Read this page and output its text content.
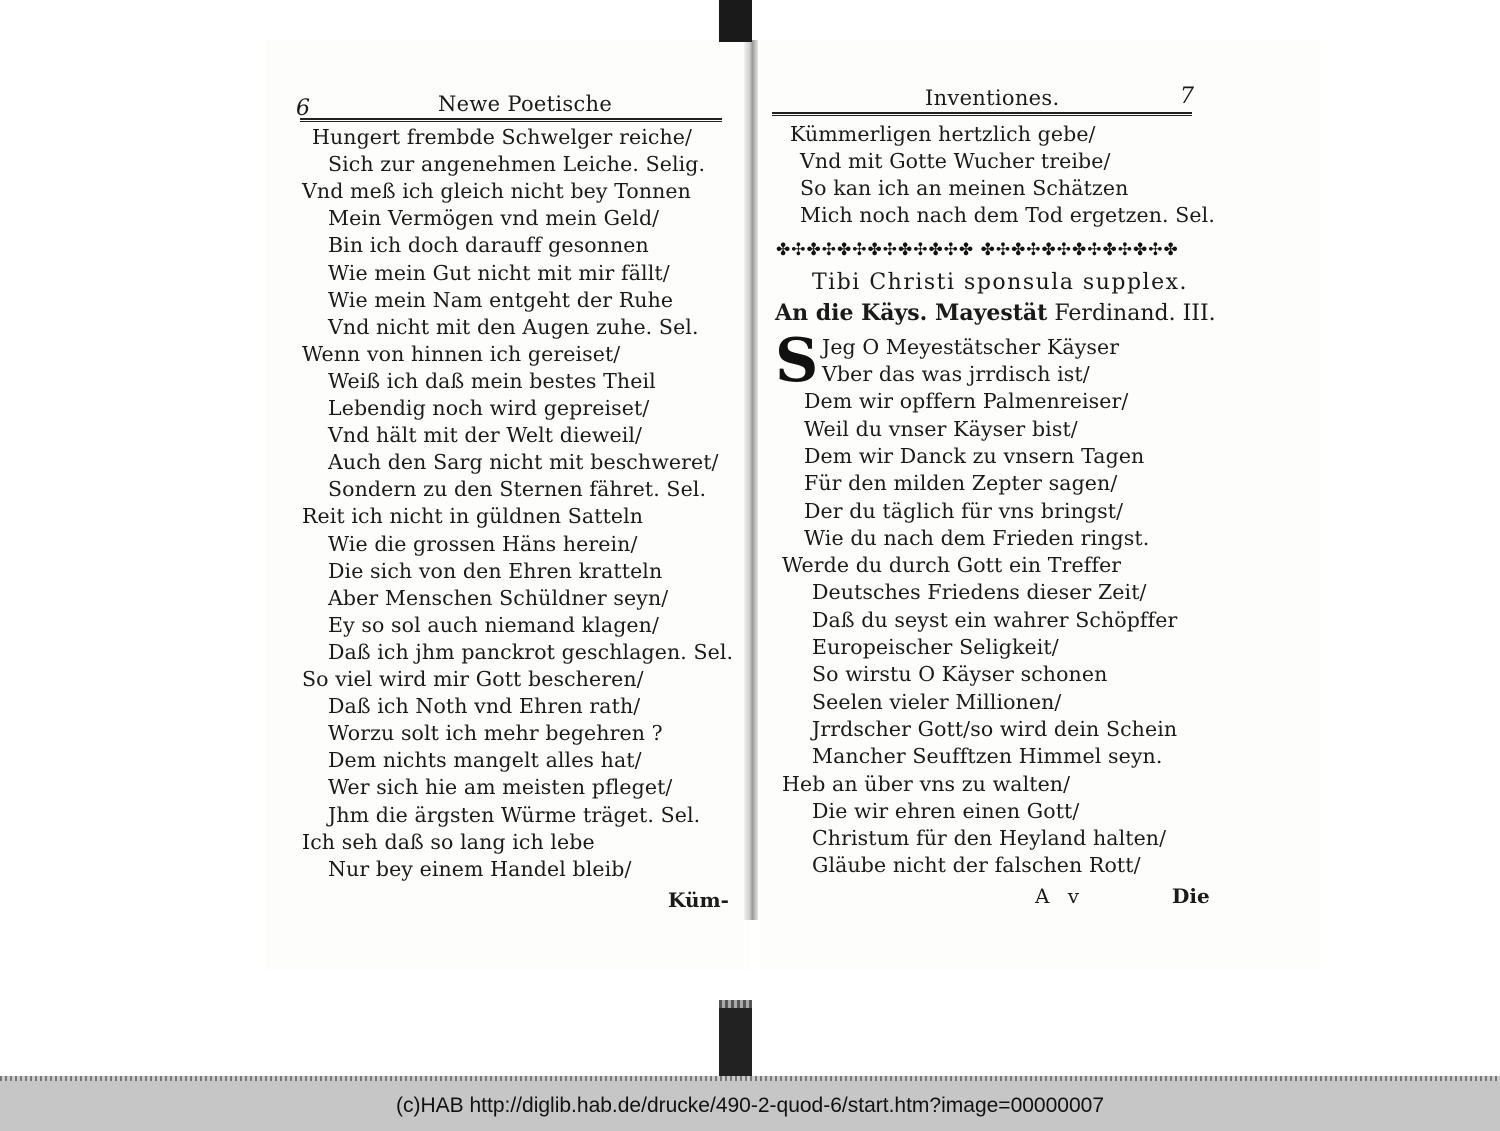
6	Newe Poetische
Hungert frembde Schwelger reiche/
Sich zur angenehmen Leiche. Selig.
Vnd meß ich gleich nicht bey Tonnen
Mein Vermögen vnd mein Geld/
Bin ich doch darauff gesonnen
Wie mein Gut nicht mit mir fällt/
Wie mein Nam entgeht der Ruhe
Vnd nicht mit den Augen zuhe. Sel.
Wenn von hinnen ich gereiset/
Weiß ich daß mein bestes Theil
Lebendig noch wird gepreiset/
Vnd hält mit der Welt dieweil/
Auch den Sarg nicht mit beschweret/
Sondern zu den Sternen fähret. Sel.
Reit ich nicht in güldnen Satteln
Wie die grossen Häns herein/
Die sich von den Ehren kratteln
Aber Menschen Schüldner seyn/
Ey so sol auch niemand klagen/
Daß ich jhm panckrot geschlagen. Sel.
So viel wird mir Gott bescheren/
Daß ich Noth vnd Ehren rath/
Worzu solt ich mehr begehren ?
Dem nichts mangelt alles hat/
Wer sich hie am meisten pfleget/
Jhm die ärgsten Würme träget. Sel.
Ich seh daß so lang ich lebe
Nur bey einem Handel bleib/
Küm-
Inventiones.	7
Kümmerligen hertzlich gebe/
Vnd mit Gotte Wucher treibe/
So kan ich an meinen Schätzen
Mich noch nach dem Tod ergetzen. Sel.
✤✣✤✣✤✣✤✣✤✣✤✣✤ ✤✣✤✣✤✣✤✣✤✣✤✣✤
Tibi Christi sponsula supplex.
An die Käys. Mayestät Ferdinand. III.
S Jeg O Meyestätscher Käyser
Vber das was jrrdisch ist/
Dem wir opffern Palmenreiser/
Weil du vnser Käyser bist/
Dem wir Danck zu vnsern Tagen
Für den milden Zepter sagen/
Der du täglich für vns bringst/
Wie du nach dem Frieden ringst.
Werde du durch Gott ein Treffer
Deutsches Friedens dieser Zeit/
Daß du seyst ein wahrer Schöpffer
Europeischer Seligkeit/
So wirstu O Käyser schonen
Seelen vieler Millionen/
Jrrdscher Gott/so wird dein Schein
Mancher Seufftzen Himmel seyn.
Heb an über vns zu walten/
Die wir ehren einen Gott/
Christum für den Heyland halten/
Gläube nicht der falschen Rott/
A v	Die
(c)HAB http://diglib.hab.de/drucke/490-2-quod-6/start.htm?image=00000007
